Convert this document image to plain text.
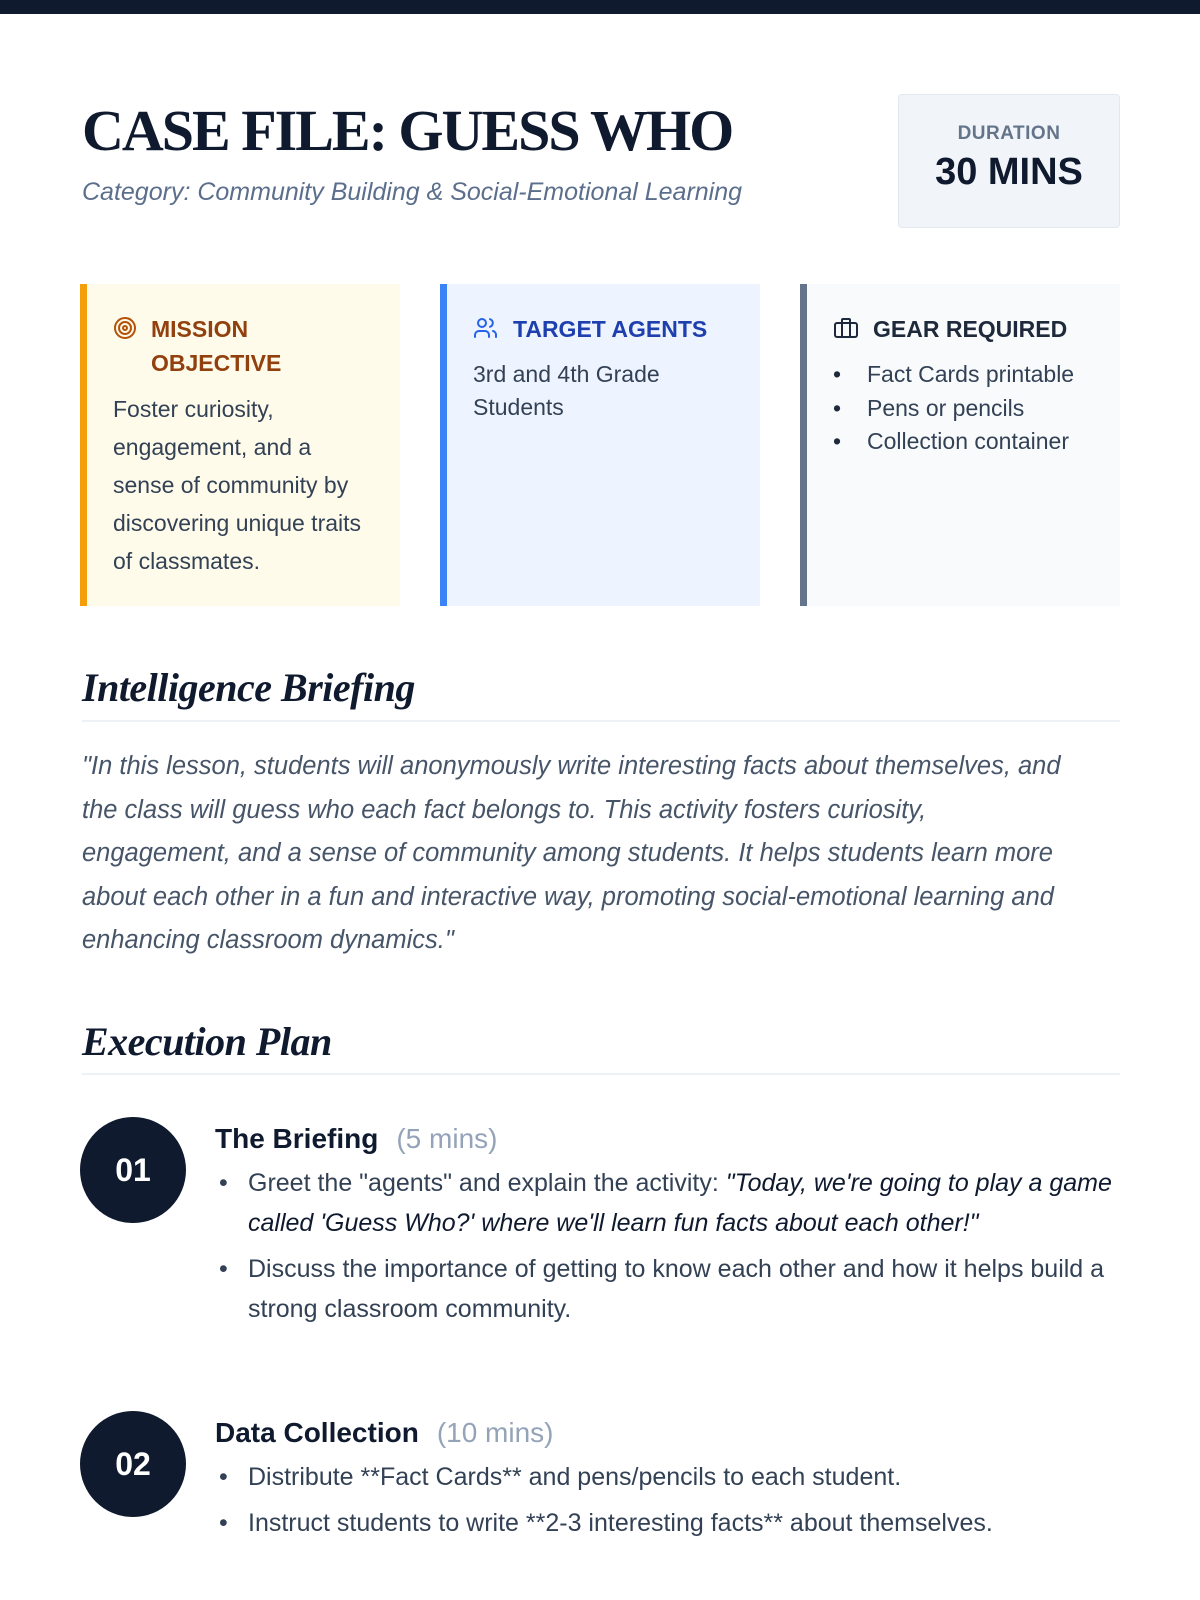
CASE FILE: GUESS WHO
Category: Community Building & Social-Emotional Learning
DURATION
30 MINS
MISSION OBJECTIVE
Foster curiosity, engagement, and a sense of community by discovering unique traits of classmates.
TARGET AGENTS
3rd and 4th Grade Students
GEAR REQUIRED
• Fact Cards printable
• Pens or pencils
• Collection container
Intelligence Briefing

"In this lesson, students will anonymously write interesting facts about themselves, and the class will guess who each fact belongs to. This activity fosters curiosity, engagement, and a sense of community among students. It helps students learn more about each other in a fun and interactive way, promoting social-emotional learning and enhancing classroom dynamics."

Execution Plan
01
The Briefing (5 mins)
• Greet the "agents" and explain the activity: "Today, we're going to play a game called 'Guess Who?' where we'll learn fun facts about each other!"
• Discuss the importance of getting to know each other and how it helps build a strong classroom community.
02
Data Collection (10 mins)
• Distribute **Fact Cards** and pens/pencils to each student.
• Instruct students to write **2-3 interesting facts** about themselves.
